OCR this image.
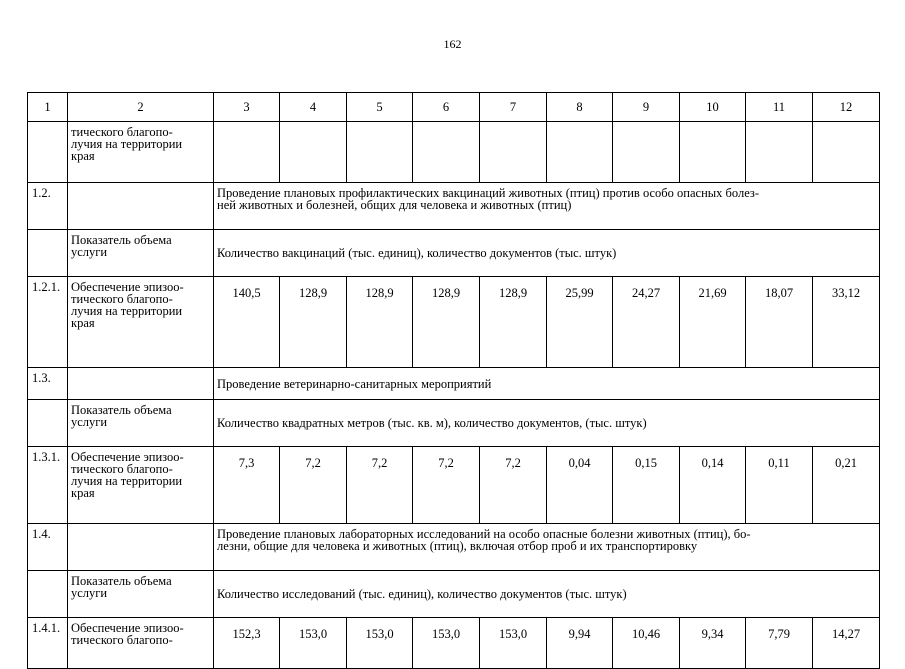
162
1	2	3	4	5	6	7	8	9	10	11	12
	тического благопо-
лучия на территории
края										
1.2.		Проведение плановых профилактических вакцинаций животных (птиц) против особо опасных болез-
ней животных и болезней, общих для человека и животных (птиц)									
	Показатель объема
услуги	Количество вакцинаций (тыс. единиц), количество документов (тыс. штук)									
1.2.1.	Обеспечение эпизоо-
тического благопо-
лучия на территории
края	140,5	128,9	128,9	128,9	128,9	25,99	24,27	21,69	18,07	33,12
1.3.		Проведение ветеринарно-санитарных мероприятий									
	Показатель объема
услуги	Количество квадратных метров (тыс. кв. м), количество документов, (тыс. штук)									
1.3.1.	Обеспечение эпизоо-
тического благопо-
лучия на территории
края	7,3	7,2	7,2	7,2	7,2	0,04	0,15	0,14	0,11	0,21
1.4.		Проведение плановых лабораторных исследований на особо опасные болезни животных (птиц), бо-
лезни, общие для человека и животных (птиц), включая отбор проб и их транспортировку									
	Показатель объема
услуги	Количество исследований (тыс. единиц), количество документов (тыс. штук)									
1.4.1.	Обеспечение эпизоо-
тического благопо-	152,3	153,0	153,0	153,0	153,0	9,94	10,46	9,34	7,79	14,27
